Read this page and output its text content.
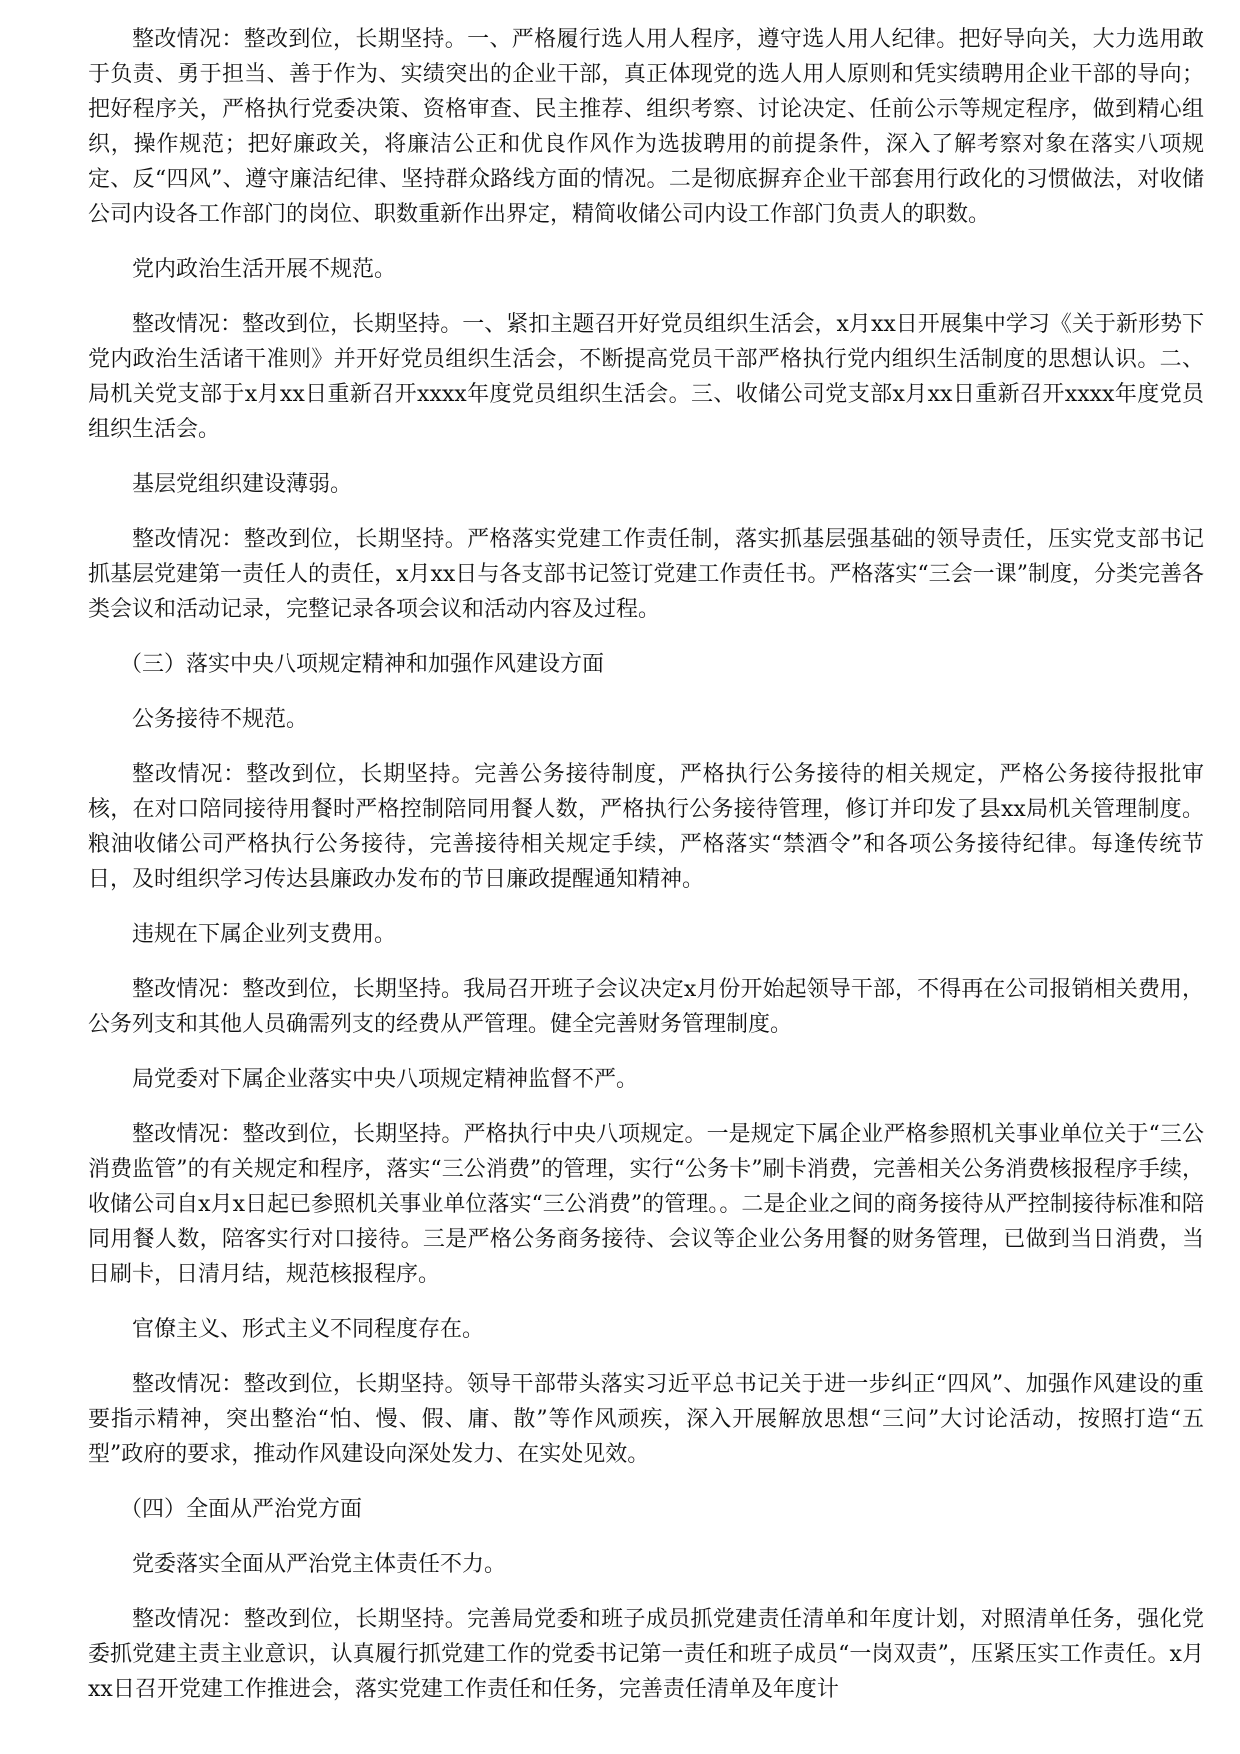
整改情况：整改到位，长期坚持。一、严格履行选人用人程序，遵守选人用人纪律。把好导向关，大力选用敢于负责、勇于担当、善于作为、实绩突出的企业干部，真正体现党的选人用人原则和凭实绩聘用企业干部的导向；把好程序关，严格执行党委决策、资格审查、民主推荐、组织考察、讨论决定、任前公示等规定程序，做到精心组织，操作规范；把好廉政关，将廉洁公正和优良作风作为选拔聘用的前提条件，深入了解考察对象在落实八项规定、反“四风”、遵守廉洁纪律、坚持群众路线方面的情况。二是彻底摒弃企业干部套用行政化的习惯做法，对收储公司内设各工作部门的岗位、职数重新作出界定，精简收储公司内设工作部门负责人的职数。

党内政治生活开展不规范。

整改情况：整改到位，长期坚持。一、紧扣主题召开好党员组织生活会，x月xx日开展集中学习《关于新形势下党内政治生活诸干准则》并开好党员组织生活会，不断提高党员干部严格执行党内组织生活制度的思想认识。二、局机关党支部于x月xx日重新召开xxxx年度党员组织生活会。三、收储公司党支部x月xx日重新召开xxxx年度党员组织生活会。

基层党组织建设薄弱。

整改情况：整改到位，长期坚持。严格落实党建工作责任制，落实抓基层强基础的领导责任，压实党支部书记抓基层党建第一责任人的责任，x月xx日与各支部书记签订党建工作责任书。严格落实“三会一课”制度，分类完善各类会议和活动记录，完整记录各项会议和活动内容及过程。

（三）落实中央八项规定精神和加强作风建设方面

公务接待不规范。

整改情况：整改到位，长期坚持。完善公务接待制度，严格执行公务接待的相关规定，严格公务接待报批审核，在对口陪同接待用餐时严格控制陪同用餐人数，严格执行公务接待管理，修订并印发了县xx局机关管理制度。粮油收储公司严格执行公务接待，完善接待相关规定手续，严格落实“禁酒令”和各项公务接待纪律。每逢传统节日，及时组织学习传达县廉政办发布的节日廉政提醒通知精神。

违规在下属企业列支费用。

整改情况：整改到位，长期坚持。我局召开班子会议决定x月份开始起领导干部，不得再在公司报销相关费用，公务列支和其他人员确需列支的经费从严管理。健全完善财务管理制度。

局党委对下属企业落实中央八项规定精神监督不严。

整改情况：整改到位，长期坚持。严格执行中央八项规定。一是规定下属企业严格参照机关事业单位关于“三公消费监管”的有关规定和程序，落实“三公消费”的管理，实行“公务卡”刷卡消费，完善相关公务消费核报程序手续，收储公司自x月x日起已参照机关事业单位落实“三公消费”的管理。。二是企业之间的商务接待从严控制接待标准和陪同用餐人数，陪客实行对口接待。三是严格公务商务接待、会议等企业公务用餐的财务管理，已做到当日消费，当日刷卡，日清月结，规范核报程序。

官僚主义、形式主义不同程度存在。

整改情况：整改到位，长期坚持。领导干部带头落实习近平总书记关于进一步纠正“四风”、加强作风建设的重要指示精神，突出整治“怕、慢、假、庸、散”等作风顽疾，深入开展解放思想“三问”大讨论活动，按照打造“五型”政府的要求，推动作风建设向深处发力、在实处见效。

（四）全面从严治党方面

党委落实全面从严治党主体责任不力。

整改情况：整改到位，长期坚持。完善局党委和班子成员抓党建责任清单和年度计划，对照清单任务，强化党委抓党建主责主业意识，认真履行抓党建工作的党委书记第一责任和班子成员“一岗双责”，压紧压实工作责任。x月xx日召开党建工作推进会，落实党建工作责任和任务，完善责任清单及年度计
